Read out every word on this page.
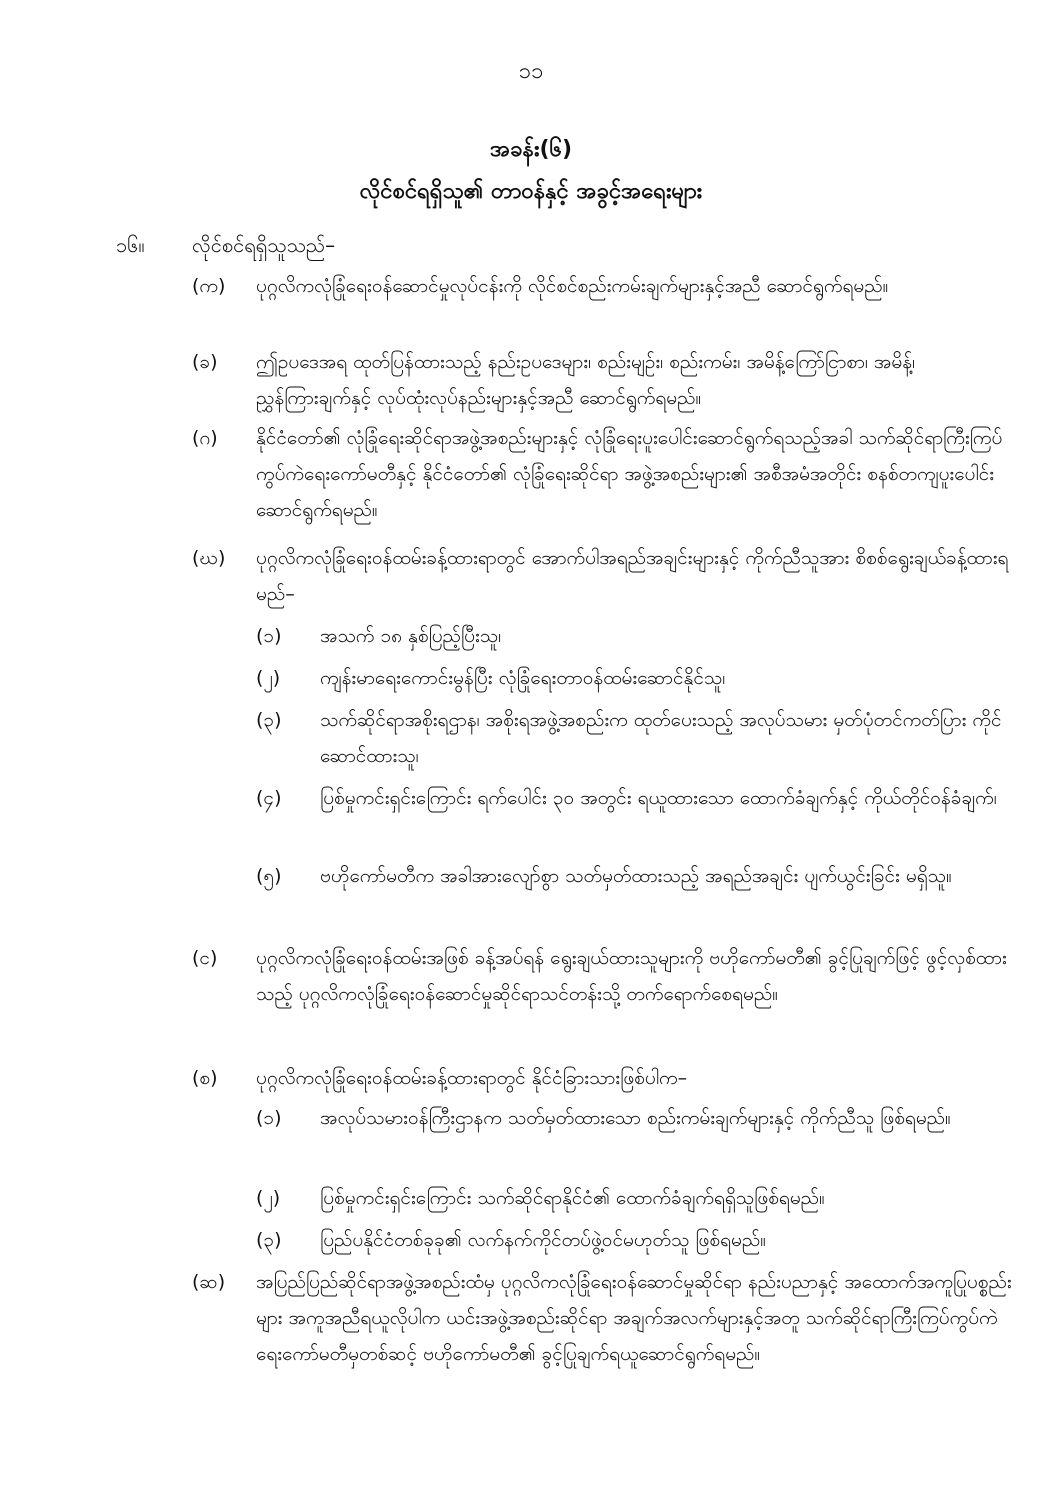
၁၁
အခန်း(၆)
လိုင်စင်ရရှိသူ၏ တာဝန်နှင့် အခွင့်အရေးများ
၁၆။ လိုင်စင်ရရှိသူသည်–
(က) ပုဂ္ဂလိကလုံခြုံရေးဝန်ဆောင်မှုလုပ်ငန်းကို လိုင်စင်စည်းကမ်းချက်များနှင့်အညီ ဆောင်ရွက်ရမည်။
(ခ) ဤဥပဒေအရ ထုတ်ပြန်ထားသည့် နည်းဥပဒေများ၊ စည်းမျဉ်း၊ စည်းကမ်း၊ အမိန့်ကြော်ငြာစာ၊ အမိန့်၊ ညွှန်ကြားချက်နှင့် လုပ်ထုံးလုပ်နည်းများနှင့်အညီ ဆောင်ရွက်ရမည်။
(ဂ) နိုင်ငံတော်၏ လုံခြုံရေးဆိုင်ရာအဖွဲ့အစည်းများနှင့် လုံခြုံရေးပူးပေါင်းဆောင်ရွက်ရသည့်အခါ သက်ဆိုင်ရာကြီးကြပ်ကွပ်ကဲရေးကော်မတီနှင့် နိုင်ငံတော်၏ လုံခြုံရေးဆိုင်ရာ အဖွဲ့အစည်းများ၏ အစီအမံအတိုင်း စနစ်တကျပူးပေါင်းဆောင်ရွက်ရမည်။
(ဃ) ပုဂ္ဂလိကလုံခြုံရေးဝန်ထမ်းခန့်ထားရာတွင် အောက်ပါအရည်အချင်းများနှင့် ကိုက်ညီသူအား စိစစ်ရွေးချယ်ခန့်ထားရမည်–
(၁) အသက် ၁၈ နှစ်ပြည့်ပြီးသူ၊
(၂) ကျန်းမာရေးကောင်းမွန်ပြီး လုံခြုံရေးတာဝန်ထမ်းဆောင်နိုင်သူ၊
(၃) သက်ဆိုင်ရာအစိုးရဌာန၊ အစိုးရအဖွဲ့အစည်းက ထုတ်ပေးသည့် အလုပ်သမား မှတ်ပုံတင်ကတ်ပြား ကိုင်ဆောင်ထားသူ၊
(၄) ပြစ်မှုကင်းရှင်းကြောင်း ရက်ပေါင်း ၃၀ အတွင်း ရယူထားသော ထောက်ခံချက်နှင့် ကိုယ်တိုင်ဝန်ခံချက်၊
(၅) ဗဟိုကော်မတီက အခါအားလျော်စွာ သတ်မှတ်ထားသည့် အရည်အချင်း ပျက်ယွင်းခြင်း မရှိသူ။
(င) ပုဂ္ဂလိကလုံခြုံရေးဝန်ထမ်းအဖြစ် ခန့်အပ်ရန် ရွေးချယ်ထားသူများကို ဗဟိုကော်မတီ၏ ခွင့်ပြုချက်ဖြင့် ဖွင့်လှစ်ထားသည့် ပုဂ္ဂလိကလုံခြုံရေးဝန်ဆောင်မှုဆိုင်ရာသင်တန်းသို့ တက်ရောက်စေရမည်။
(စ) ပုဂ္ဂလိကလုံခြုံရေးဝန်ထမ်းခန့်ထားရာတွင် နိုင်ငံခြားသားဖြစ်ပါက–
(၁) အလုပ်သမားဝန်ကြီးဌာနက သတ်မှတ်ထားသော စည်းကမ်းချက်များနှင့် ကိုက်ညီသူ ဖြစ်ရမည်။
(၂) ပြစ်မှုကင်းရှင်းကြောင်း သက်ဆိုင်ရာနိုင်ငံ၏ ထောက်ခံချက်ရရှိသူဖြစ်ရမည်။
(၃) ပြည်ပနိုင်ငံတစ်ခုခု၏ လက်နက်ကိုင်တပ်ဖွဲ့ဝင်မဟုတ်သူ ဖြစ်ရမည်။
(ဆ) အပြည်ပြည်ဆိုင်ရာအဖွဲ့အစည်းထံမှ ပုဂ္ဂလိကလုံခြုံရေးဝန်ဆောင်မှုဆိုင်ရာ နည်းပညာနှင့် အထောက်အကူပြုပစ္စည်းများ အကူအညီရယူလိုပါက ယင်းအဖွဲ့အစည်းဆိုင်ရာ အချက်အလက်များနှင့်အတူ သက်ဆိုင်ရာကြီးကြပ်ကွပ်ကဲရေးကော်မတီမှတစ်ဆင့် ဗဟိုကော်မတီ၏ ခွင့်ပြုချက်ရယူဆောင်ရွက်ရမည်။
